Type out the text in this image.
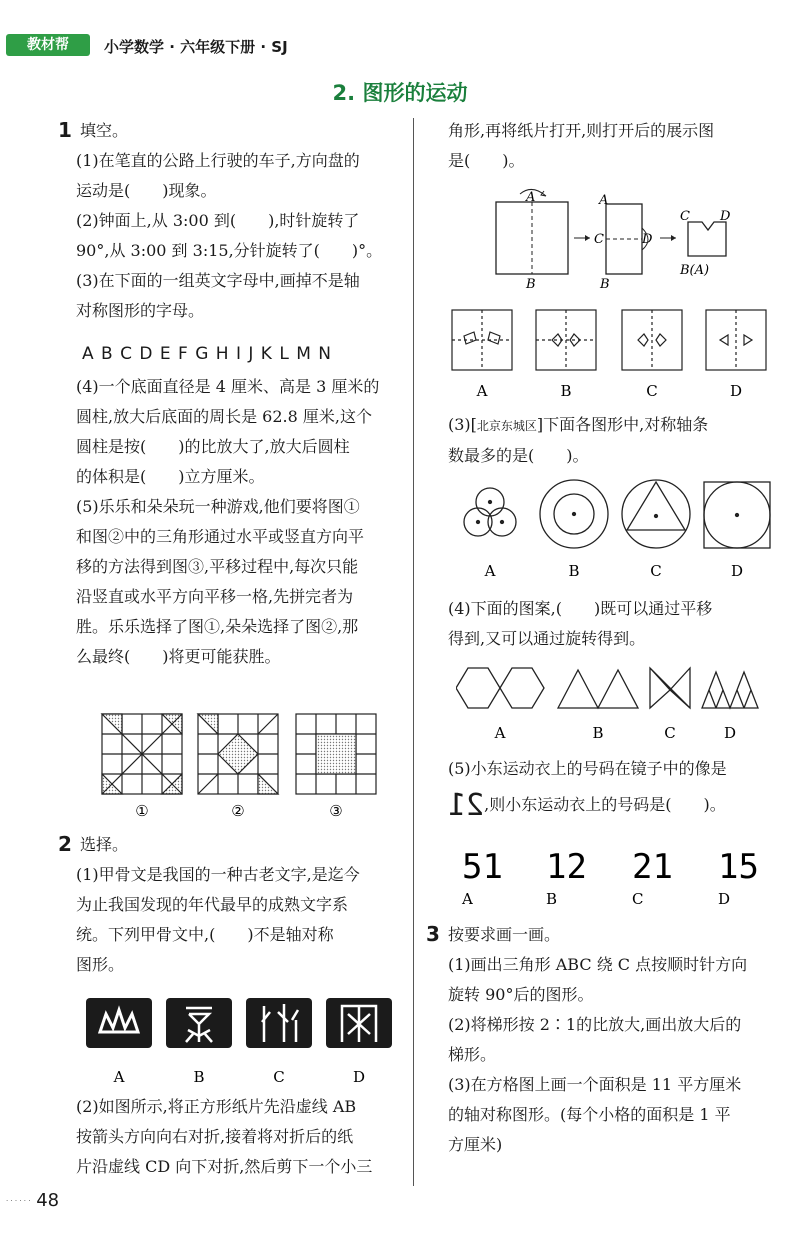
教材帮	小学数学 · 六年级下册 · SJ
2. 图形的运动
1 填空。

(1)在笔直的公路上行驶的车子,方向盘的

运动是(　　)现象。

(2)钟面上,从 3:00 到(　　),时针旋转了

90°,从 3:00 到 3:15,分针旋转了(　　)°。

(3)在下面的一组英文字母中,画掉不是轴

对称图形的字母。

A B C D E F G H I J K L M N

(4)一个底面直径是 4 厘米、高是 3 厘米的

圆柱,放大后底面的周长是 62.8 厘米,这个

圆柱是按(　　)的比放大了,放大后圆柱

的体积是(　　)立方厘米。

(5)乐乐和朵朵玩一种游戏,他们要将图①

和图②中的三角形通过水平或竖直方向平

移的方法得到图③,平移过程中,每次只能

沿竖直或水平方向平移一格,先拼完者为

胜。乐乐选择了图①,朵朵选择了图②,那

么最终(　　)将更可能获胜。

①	②	③
2 选择。

(1)甲骨文是我国的一种古老文字,是迄今

为止我国发现的年代最早的成熟文字系

统。下列甲骨文中,(　　)不是轴对称

图形。

A	B	C	D

(2)如图所示,将正方形纸片先沿虚线 AB

按箭头方向向右对折,接着将对折后的纸

片沿虚线 CD 向下对折,然后剪下一个小三

· · · · · · 48

角形,再将纸片打开,则打开后的展示图

是(　　)。

A
B
A
C	D
B
C D
B(A)
A	B	C	D

(3)[北京东城区]下面各图形中,对称轴条

数最多的是(　　)。

A	B	C	D

(4)下面的图案,(　　)既可以通过平移

得到,又可以通过旋转得到。

A	B	C	D

(5)小东运动衣上的号码在镜子中的像是

21,则小东运动衣上的号码是(　　)。

51 12 21 15
A	B	C	D
3 按要求画一画。

(1)画出三角形 ABC 绕 C 点按顺时针方向

旋转 90°后的图形。

(2)将梯形按 2∶1的比放大,画出放大后的

梯形。

(3)在方格图上画一个面积是 11 平方厘米

的轴对称图形。(每个小格的面积是 1 平

方厘米)
